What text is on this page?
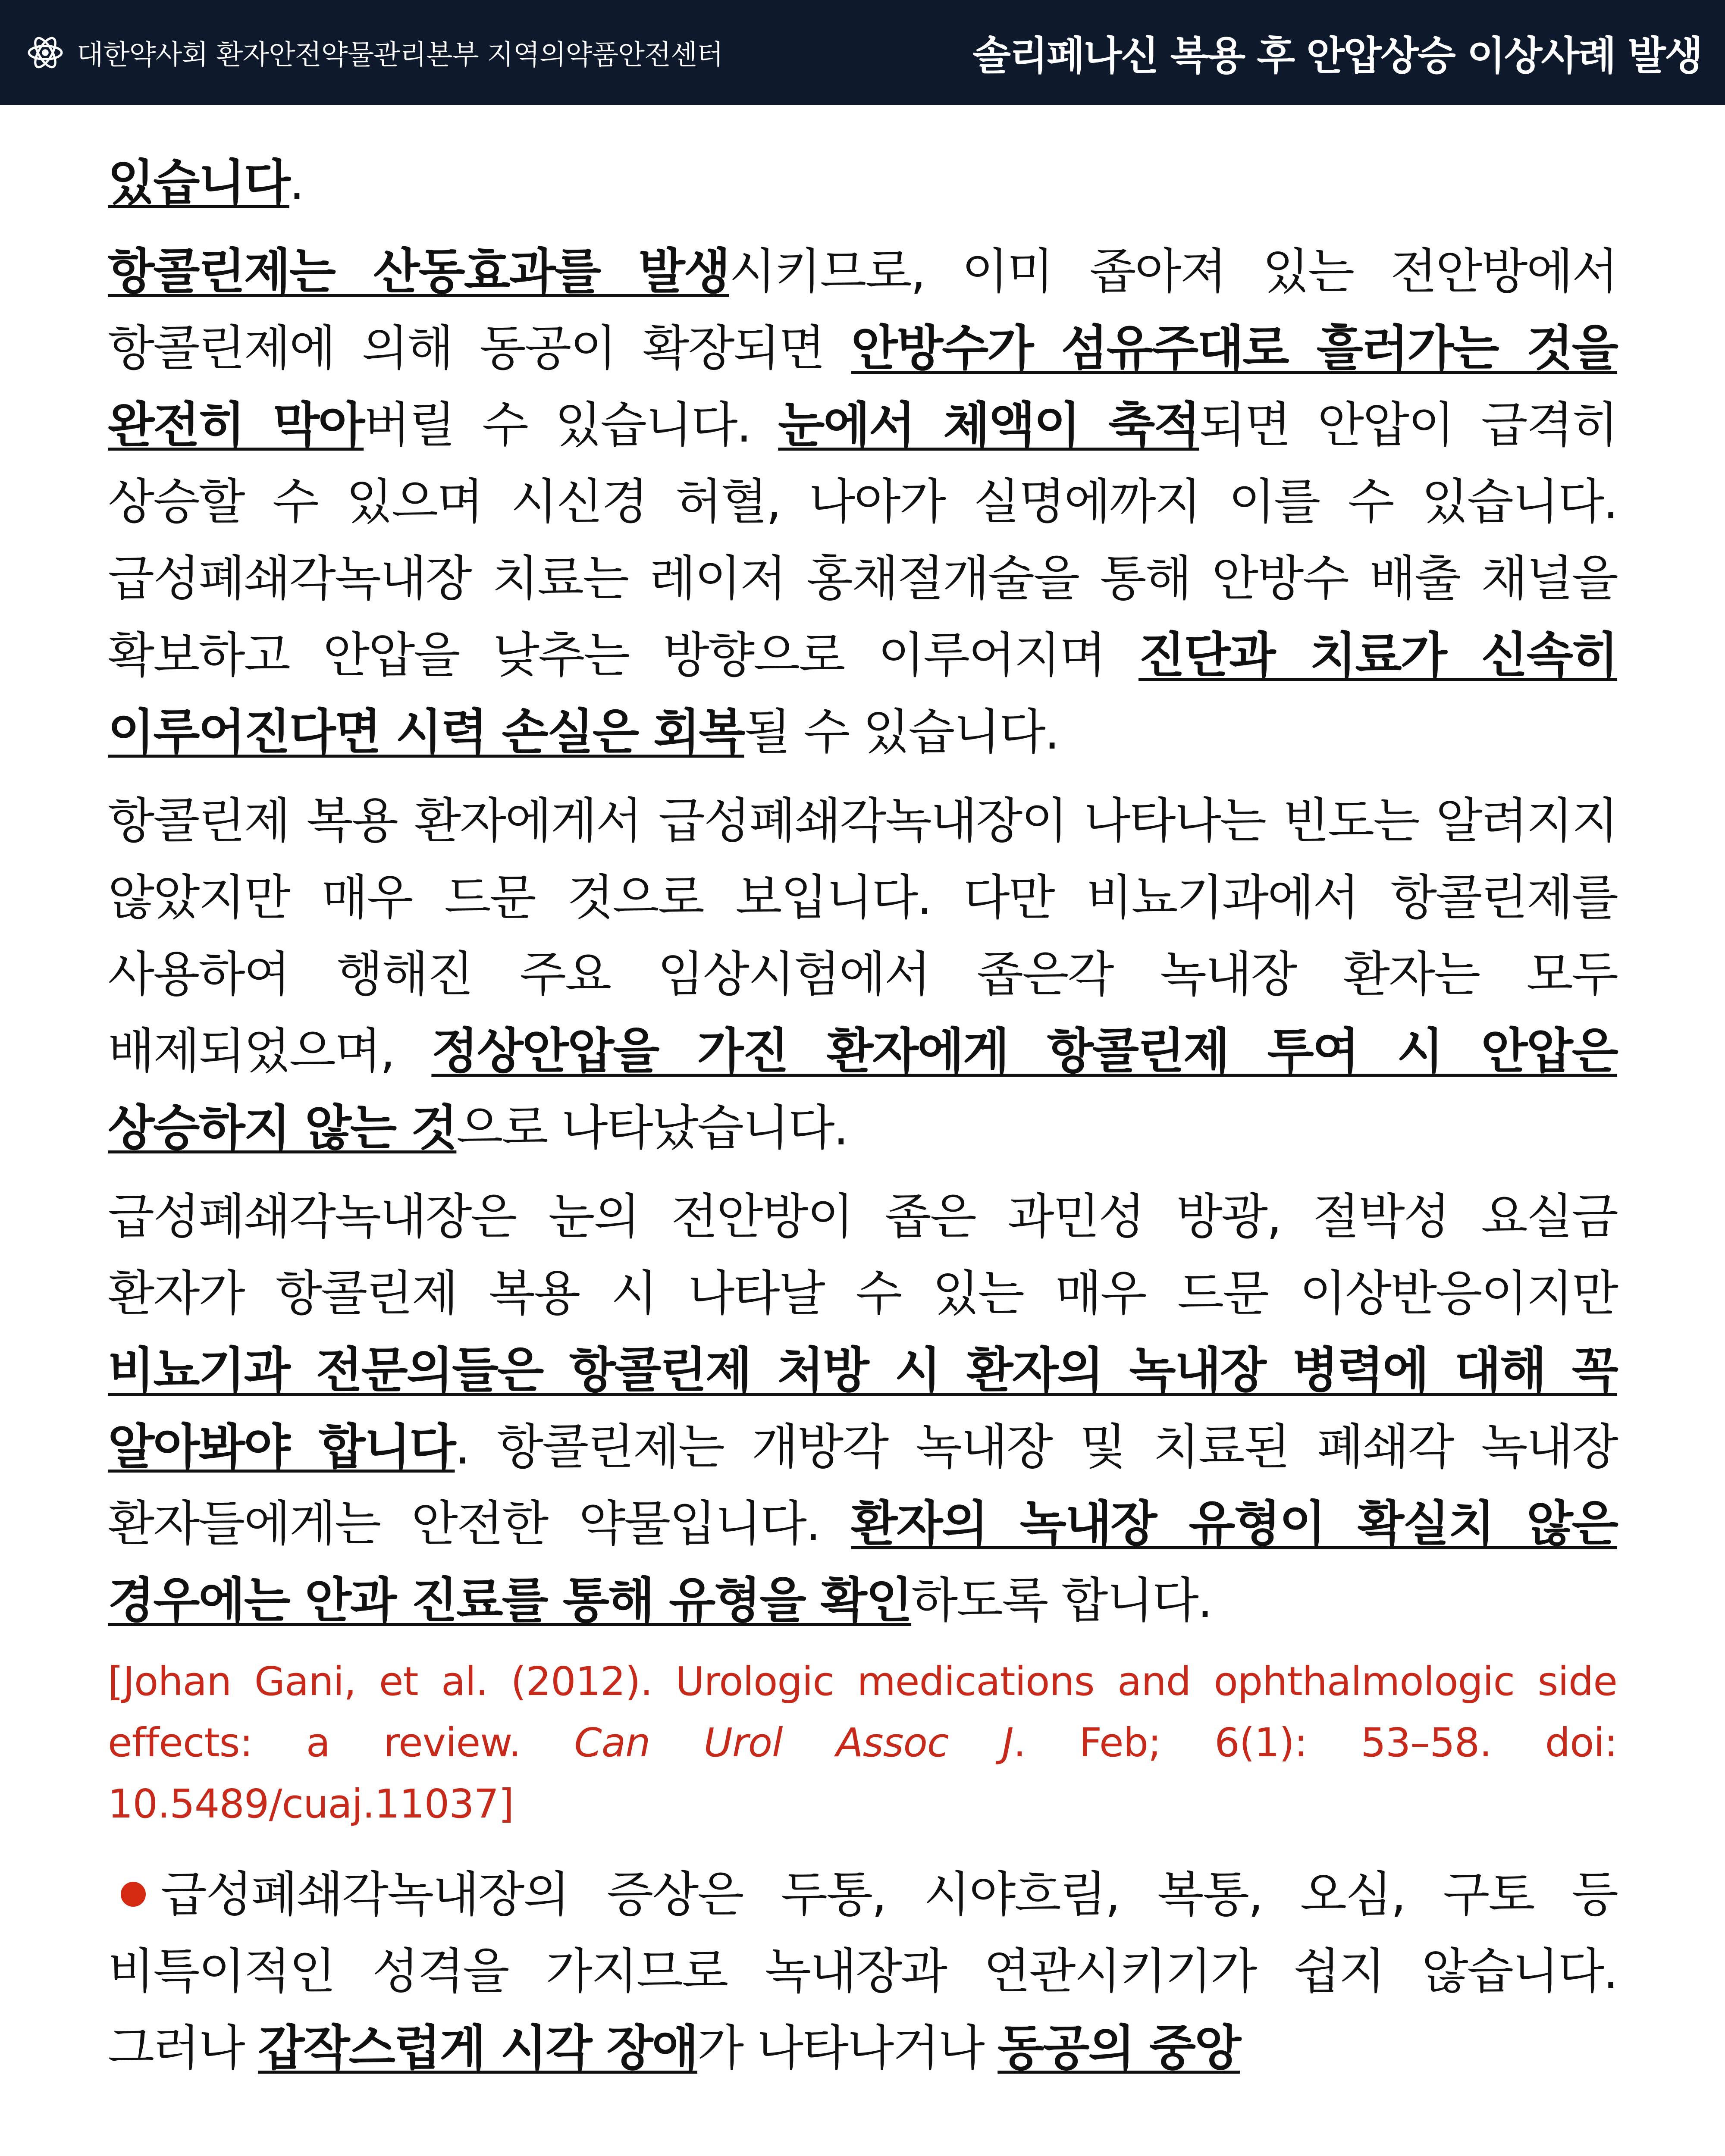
대한약사회 환자안전약물관리본부 지역의약품안전센터	솔리페나신 복용 후 안압상승 이상사례 발생

있습니다.

항콜린제는 산동효과를 발생시키므로, 이미 좁아져 있는 전안방에서 항콜린제에 의해 동공이 확장되면 안방수가 섬유주대로 흘러가는 것을 완전히 막아버릴 수 있습니다. 눈에서 체액이 축적되면 안압이 급격히 상승할 수 있으며 시신경 허혈, 나아가 실명에까지 이를 수 있습니다. 급성폐쇄각녹내장 치료는 레이저 홍채절개술을 통해 안방수 배출 채널을 확보하고 안압을 낮추는 방향으로 이루어지며 진단과 치료가 신속히 이루어진다면 시력 손실은 회복될 수 있습니다.

항콜린제 복용 환자에게서 급성폐쇄각녹내장이 나타나는 빈도는 알려지지 않았지만 매우 드문 것으로 보입니다. 다만 비뇨기과에서 항콜린제를 사용하여 행해진 주요 임상시험에서 좁은각 녹내장 환자는 모두 배제되었으며, 정상안압을 가진 환자에게 항콜린제 투여 시 안압은 상승하지 않는 것으로 나타났습니다.

급성폐쇄각녹내장은 눈의 전안방이 좁은 과민성 방광, 절박성 요실금 환자가 항콜린제 복용 시 나타날 수 있는 매우 드문 이상반응이지만 비뇨기과 전문의들은 항콜린제 처방 시 환자의 녹내장 병력에 대해 꼭 알아봐야 합니다. 항콜린제는 개방각 녹내장 및 치료된 폐쇄각 녹내장 환자들에게는 안전한 약물입니다. 환자의 녹내장 유형이 확실치 않은 경우에는 안과 진료를 통해 유형을 확인하도록 합니다.

[Johan Gani, et al. (2012). Urologic medications and ophthalmologic side effects: a review. Can Urol Assoc J. Feb; 6(1): 53–58. doi: 10.5489/cuaj.11037]

급성폐쇄각녹내장의 증상은 두통, 시야흐림, 복통, 오심, 구토 등 비특이적인 성격을 가지므로 녹내장과 연관시키기가 쉽지 않습니다. 그러나 갑작스럽게 시각 장애가 나타나거나 동공의 중앙
